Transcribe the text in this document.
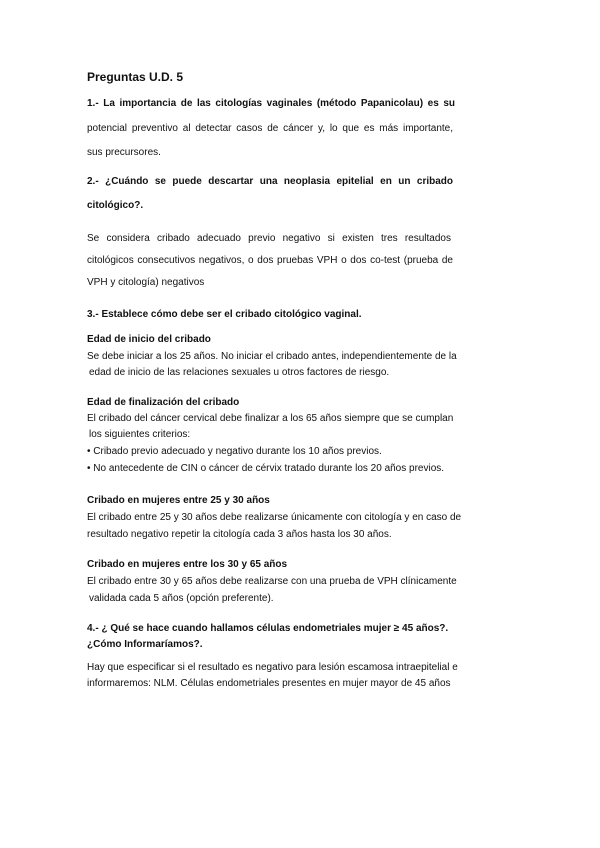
Preguntas U.D. 5
1.- La importancia de las citologías vaginales (método Papanicolau) es su
potencial preventivo al detectar casos de cáncer y, lo que es más importante,
sus precursores.
2.- ¿Cuándo se puede descartar una neoplasia epitelial en un cribado
citológico?.
Se considera cribado adecuado previo negativo si existen tres resultados
citológicos consecutivos negativos, o dos pruebas VPH o dos co-test (prueba de
VPH y citología) negativos
3.- Establece cómo debe ser el cribado citológico vaginal.
Edad de inicio del cribado
Se debe iniciar a los 25 años. No iniciar el cribado antes, independientemente de la
edad de inicio de las relaciones sexuales u otros factores de riesgo.
Edad de finalización del cribado
El cribado del cáncer cervical debe finalizar a los 65 años siempre que se cumplan
los siguientes criterios:
• Cribado previo adecuado y negativo durante los 10 años previos.
• No antecedente de CIN o cáncer de cérvix tratado durante los 20 años previos.
Cribado en mujeres entre 25 y 30 años
El cribado entre 25 y 30 años debe realizarse únicamente con citología y en caso de
resultado negativo repetir la citología cada 3 años hasta los 30 años.
Cribado en mujeres entre los 30 y 65 años
El cribado entre 30 y 65 años debe realizarse con una prueba de VPH clínicamente
validada cada 5 años (opción preferente).
4.- ¿ Qué se hace cuando hallamos células endometriales mujer ≥ 45 años?.
¿Cómo Informaríamos?.
Hay que especificar si el resultado es negativo para lesión escamosa intraepitelial e
informaremos: NLM. Células endometriales presentes en mujer mayor de 45 años
